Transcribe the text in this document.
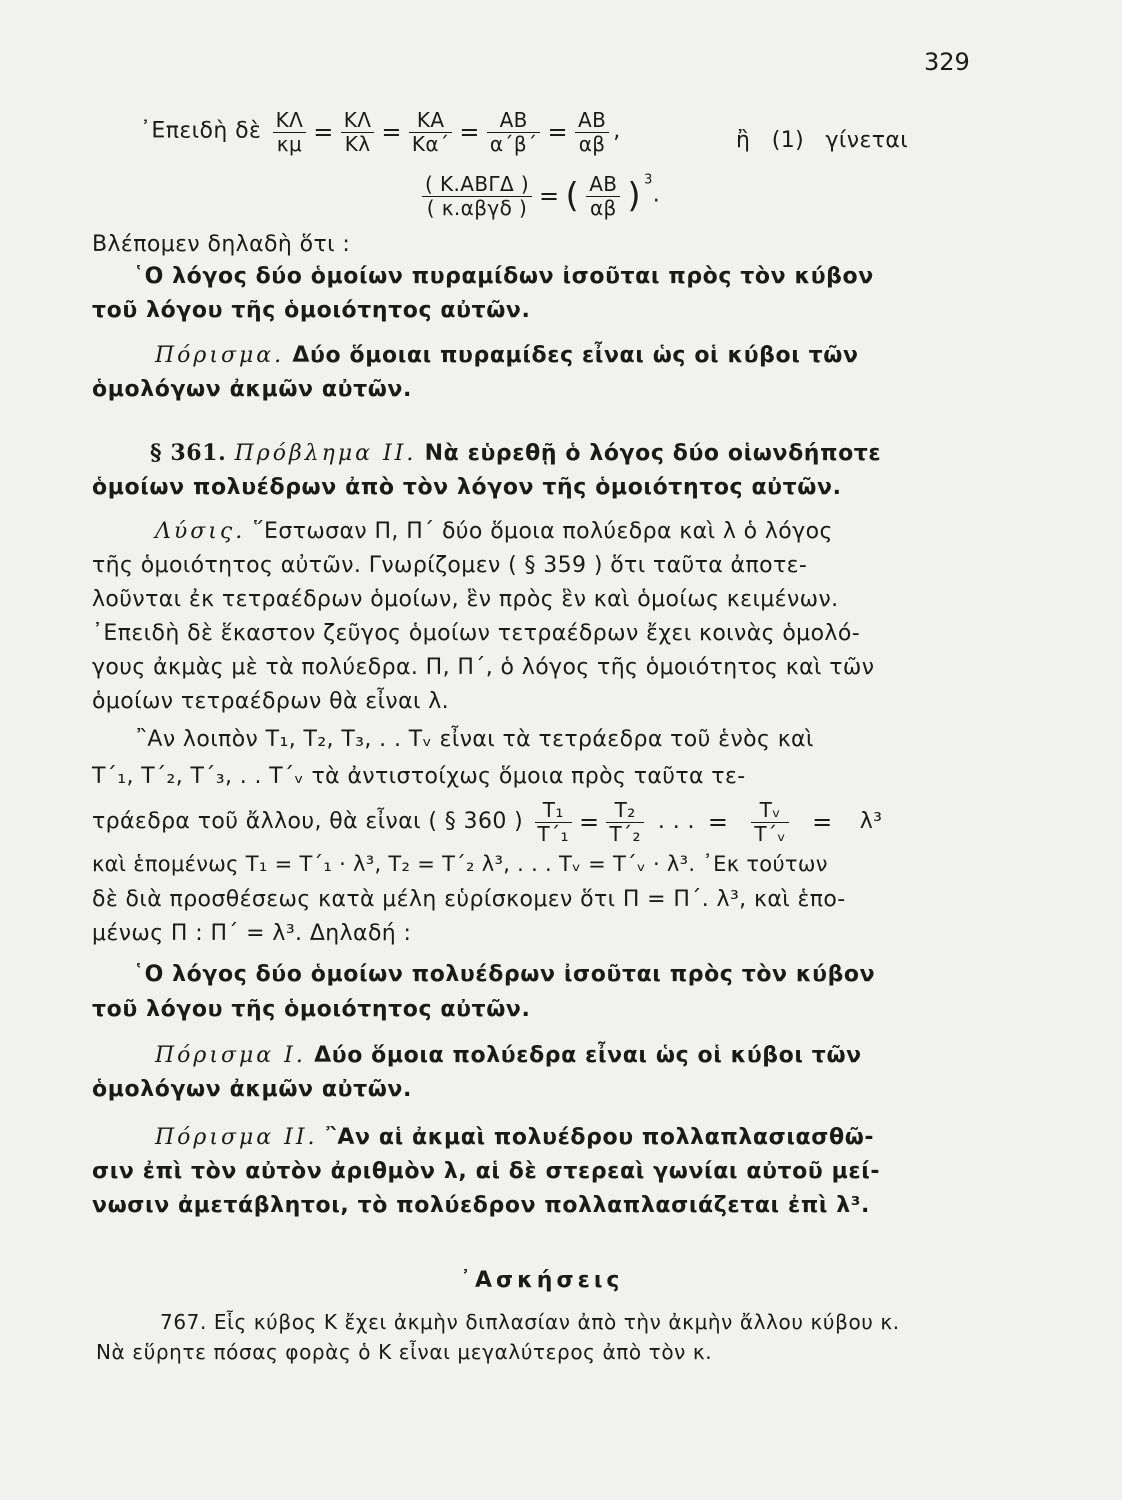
329
᾽Επειδὴ δὲ $\frac{K\Lambda}{\kappa\mu} = \frac{K\Lambda}{K\lambda} = \frac{KA}{K\alpha΄} = \frac{AB}{\alpha΄\beta΄} = \frac{AB}{\alpha\beta}$ ,	ἢ (1) γίνεται
$\frac{\text{( Κ.ΑΒΓΔ )}}{\text{( κ.αβγδ )}}$ = ( $\frac{AB}{\alpha\beta}$ ) $^3$.
Βλέπομεν δηλαδὴ ὅτι :
῾Ο λόγος δύο ὁμοίων πυραμίδων ἰσοῦται πρὸς τὸν κύβον
τοῦ λόγου τῆς ὁμοιότητος αὐτῶν.
Πόρισμα. Δύο ὅμοιαι πυραμίδες εἶναι ὡς οἱ κύβοι τῶν
ὁμολόγων ἀκμῶν αὐτῶν.
§ 361. Πρόβλημα ΙΙ. Νὰ εὑρεθῇ ὁ λόγος δύο οἱωνδήποτε
ὁμοίων πολυέδρων ἀπὸ τὸν λόγον τῆς ὁμοιότητος αὐτῶν.
Λύσις. ῞Εστωσαν Π, Π΄ δύο ὅμοια πολύεδρα καὶ λ ὁ λόγος
τῆς ὁμοιότητος αὐτῶν. Γνωρίζομεν ( § 359 ) ὅτι ταῦτα ἀποτε-
λοῦνται ἐκ τετραέδρων ὁμοίων, ἓν πρὸς ἓν καὶ ὁμοίως κειμένων.
᾽Επειδὴ δὲ ἕκαστον ζεῦγος ὁμοίων τετραέδρων ἔχει κοινὰς ὁμολό-
γους ἀκμὰς μὲ τὰ πολύεδρα. Π, Π΄, ὁ λόγος τῆς ὁμοιότητος καὶ τῶν
ὁμοίων τετραέδρων θὰ εἶναι λ.
῍Αν λοιπὸν Τ₁, Τ₂, Τ₃, . . Τᵥ εἶναι τὰ τετράεδρα τοῦ ἑνὸς καὶ
Τ΄₁, Τ΄₂, Τ΄₃, . . Τ΄ᵥ τὰ ἀντιστοίχως ὅμοια πρὸς ταῦτα τε-
τράεδρα τοῦ ἄλλου, θὰ εἶναι ( § 360 ) $\frac{\text{Τ₁}}{\text{Τ΄₁}} = \frac{\text{Τ₂}}{\text{Τ΄₂}}$ . . . = $\frac{\text{Τᵥ}}{\text{Τ΄ᵥ}} = \lambda^3$
καὶ ἑπομένως Τ₁ = Τ΄₁ · λ³, Τ₂ = Τ΄₂ λ³, . . . Τᵥ = Τ΄ᵥ · λ³. ᾽Εκ τούτων
δὲ διὰ προσθέσεως κατὰ μέλη εὑρίσκομεν ὅτι Π = Π΄. λ³, καὶ ἑπο-
μένως Π : Π΄ = λ³. Δηλαδή :
῾Ο λόγος δύο ὁμοίων πολυέδρων ἰσοῦται πρὸς τὸν κύβον
τοῦ λόγου τῆς ὁμοιότητος αὐτῶν.
Πόρισμα Ι. Δύο ὅμοια πολύεδρα εἶναι ὡς οἱ κύβοι τῶν
ὁμολόγων ἀκμῶν αὐτῶν.
Πόρισμα ΙΙ. ῍Αν αἱ ἀκμαὶ πολυέδρου πολλαπλασιασθῶ-
σιν ἐπὶ τὸν αὐτὸν ἀριθμὸν λ, αἱ δὲ στερεαὶ γωνίαι αὐτοῦ μεί-
νωσιν ἀμετάβλητοι, τὸ πολύεδρον πολλαπλασιάζεται ἐπὶ λ³.
᾽Ασκήσεις
767. Εἷς κύβος Κ ἔχει ἀκμὴν διπλασίαν ἀπὸ τὴν ἀκμὴν ἄλλου κύβου κ.
Νὰ εὕρητε πόσας φορὰς ὁ Κ εἶναι μεγαλύτερος ἀπὸ τὸν κ.
